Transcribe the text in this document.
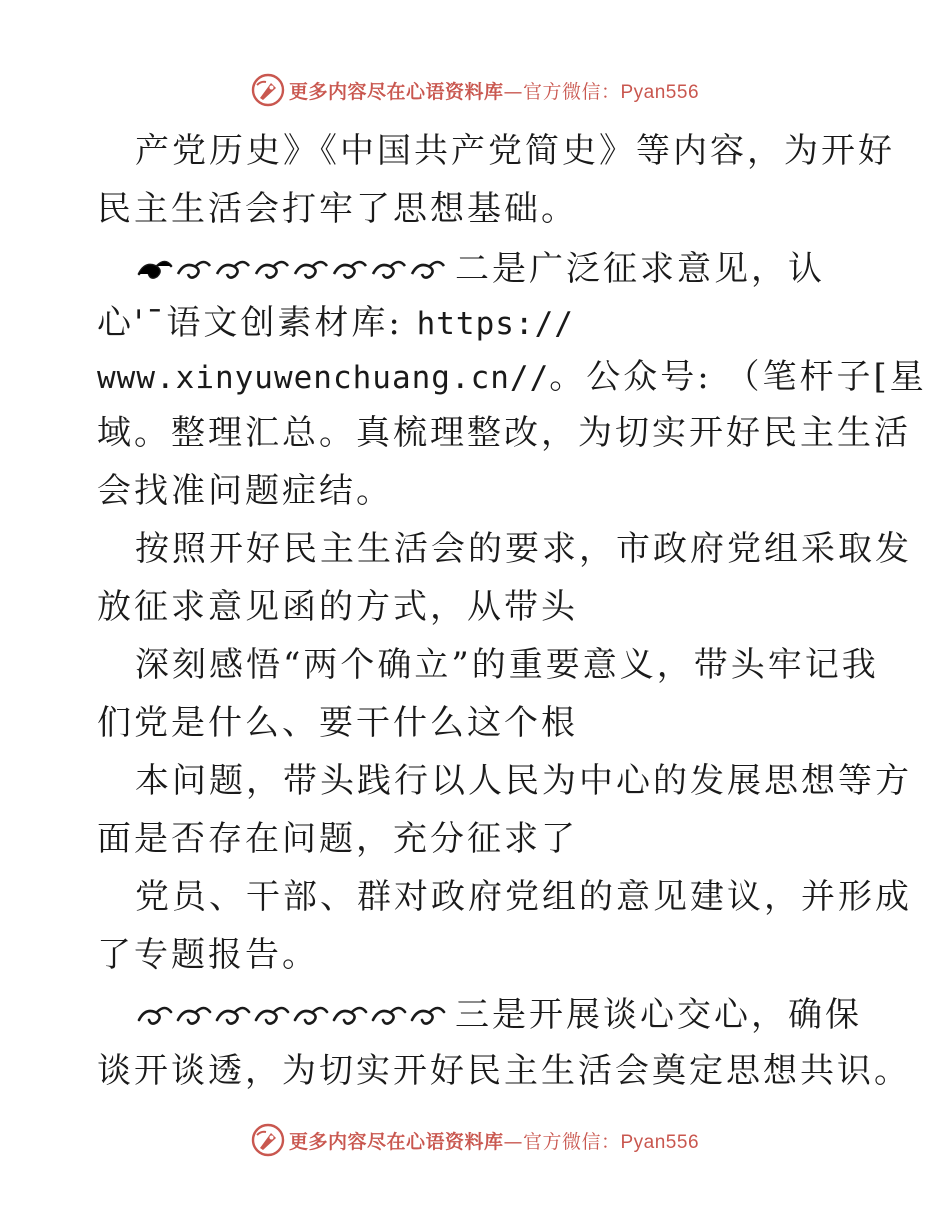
更多内容尽在心语资料库—官方微信：Pyan556
产党历史》《中国共产党简史》等内容，为开好
民主生活会打牢了思想基础。
二是广泛征求意见，认
心'¯语文创素材库: https://
www.xinyuwenchuang.cn//。公众号: （笔杆子[星
域。整理汇总。真梳理整改，为切实开好民主生活
会找准问题症结。
按照开好民主生活会的要求，市政府党组采取发
放征求意见函的方式，从带头
深刻感悟“两个确立”的重要意义，带头牢记我
们党是什么、要干什么这个根
本问题，带头践行以人民为中心的发展思想等方
面是否存在问题，充分征求了
党员、干部、群对政府党组的意见建议，并形成
了专题报告。
三是开展谈心交心，确保
谈开谈透，为切实开好民主生活会奠定思想共识。
更多内容尽在心语资料库—官方微信：Pyan556
